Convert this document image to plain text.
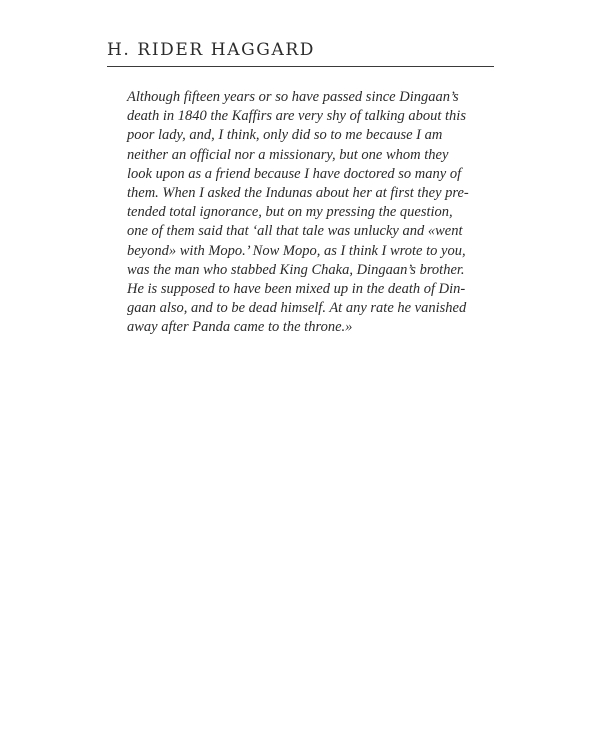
H. RIDER HAGGARD
Although fifteen years or so have passed since Dingaan’s
death in 1840 the Kaffirs are very shy of talking about this
poor lady, and, I think, only did so to me because I am
neither an official nor a missionary, but one whom they
look upon as a friend because I have doctored so many of
them. When I asked the Indunas about her at first they pre-
tended total ignorance, but on my pressing the question,
one of them said that ‘all that tale was unlucky and «went
beyond» with Mopo.’ Now Mopo, as I think I wrote to you,
was the man who stabbed King Chaka, Dingaan’s brother.
He is supposed to have been mixed up in the death of Din-
gaan also, and to be dead himself. At any rate he vanished
away after Panda came to the throne.»
